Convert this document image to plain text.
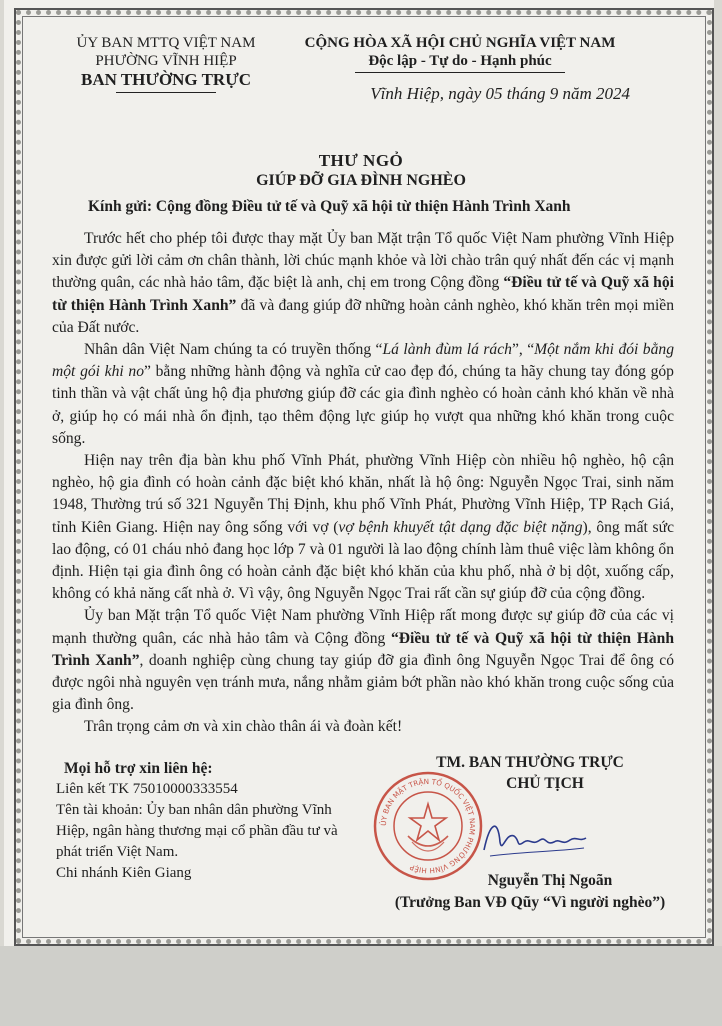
ỦY BAN MTTQ VIỆT NAM
PHƯỜNG VĨNH HIỆP
BAN THƯỜNG TRỰC
CỘNG HÒA XÃ HỘI CHỦ NGHĨA VIỆT NAM
Độc lập - Tự do - Hạnh phúc
Vĩnh Hiệp, ngày 05 tháng 9 năm 2024
THƯ NGỎ
GIÚP ĐỠ GIA ĐÌNH NGHÈO
Kính gửi: Cộng đồng Điều tử tế và Quỹ xã hội từ thiện Hành Trình Xanh

Trước hết cho phép tôi được thay mặt Ủy ban Mặt trận Tổ quốc Việt Nam phường Vĩnh Hiệp xin được gửi lời cảm ơn chân thành, lời chúc mạnh khỏe và lời chào trân quý nhất đến các vị mạnh thường quân, các nhà hảo tâm, đặc biệt là anh, chị em trong Cộng đồng “Điều tử tế và Quỹ xã hội từ thiện Hành Trình Xanh” đã và đang giúp đỡ những hoàn cảnh nghèo, khó khăn trên mọi miền của Đất nước.

Nhân dân Việt Nam chúng ta có truyền thống “Lá lành đùm lá rách”, “Một nắm khi đói bằng một gói khi no” bằng những hành động và nghĩa cử cao đẹp đó, chúng ta hãy chung tay đóng góp tinh thần và vật chất ủng hộ địa phương giúp đỡ các gia đình nghèo có hoàn cảnh khó khăn về nhà ở, giúp họ có mái nhà ổn định, tạo thêm động lực giúp họ vượt qua những khó khăn trong cuộc sống.

Hiện nay trên địa bàn khu phố Vĩnh Phát, phường Vĩnh Hiệp còn nhiều hộ nghèo, hộ cận nghèo, hộ gia đình có hoàn cảnh đặc biệt khó khăn, nhất là hộ ông: Nguyễn Ngọc Trai, sinh năm 1948, Thường trú số 321 Nguyễn Thị Định, khu phố Vĩnh Phát, Phường Vĩnh Hiệp, TP Rạch Giá, tỉnh Kiên Giang. Hiện nay ông sống với vợ (vợ bệnh khuyết tật dạng đặc biệt nặng), ông mất sức lao động, có 01 cháu nhỏ đang học lớp 7 và 01 người là lao động chính làm thuê việc làm không ổn định. Hiện tại gia đình ông có hoàn cảnh đặc biệt khó khăn của khu phố, nhà ở bị dột, xuống cấp, không có khả năng cất nhà ở. Vì vậy, ông Nguyễn Ngọc Trai rất cần sự giúp đỡ của cộng đồng.

Ủy ban Mặt trận Tổ quốc Việt Nam phường Vĩnh Hiệp rất mong được sự giúp đỡ của các vị mạnh thường quân, các nhà hảo tâm và Cộng đồng “Điều tử tế và Quỹ xã hội từ thiện Hành Trình Xanh”, doanh nghiệp cùng chung tay giúp đỡ gia đình ông Nguyễn Ngọc Trai để ông có được ngôi nhà nguyên vẹn tránh mưa, nắng nhằm giảm bớt phần nào khó khăn trong cuộc sống của gia đình ông.

Trân trọng cảm ơn và xin chào thân ái và đoàn kết!

Mọi hỗ trợ xin liên hệ:
Liên kết TK 75010000333554
Tên tài khoản: Ủy ban nhân dân phường Vĩnh Hiệp, ngân hàng thương mại cổ phần đầu tư và phát triển Việt Nam.
Chi nhánh Kiên Giang
ỦY BAN MẶT TRẬN TỔ QUỐC VIỆT NAM PHƯỜNG VĨNH HIỆP
TM. BAN THƯỜNG TRỰC
CHỦ TỊCH
Nguyễn Thị Ngoãn
(Trưởng Ban VĐ Qũy “Vì người nghèo”)
